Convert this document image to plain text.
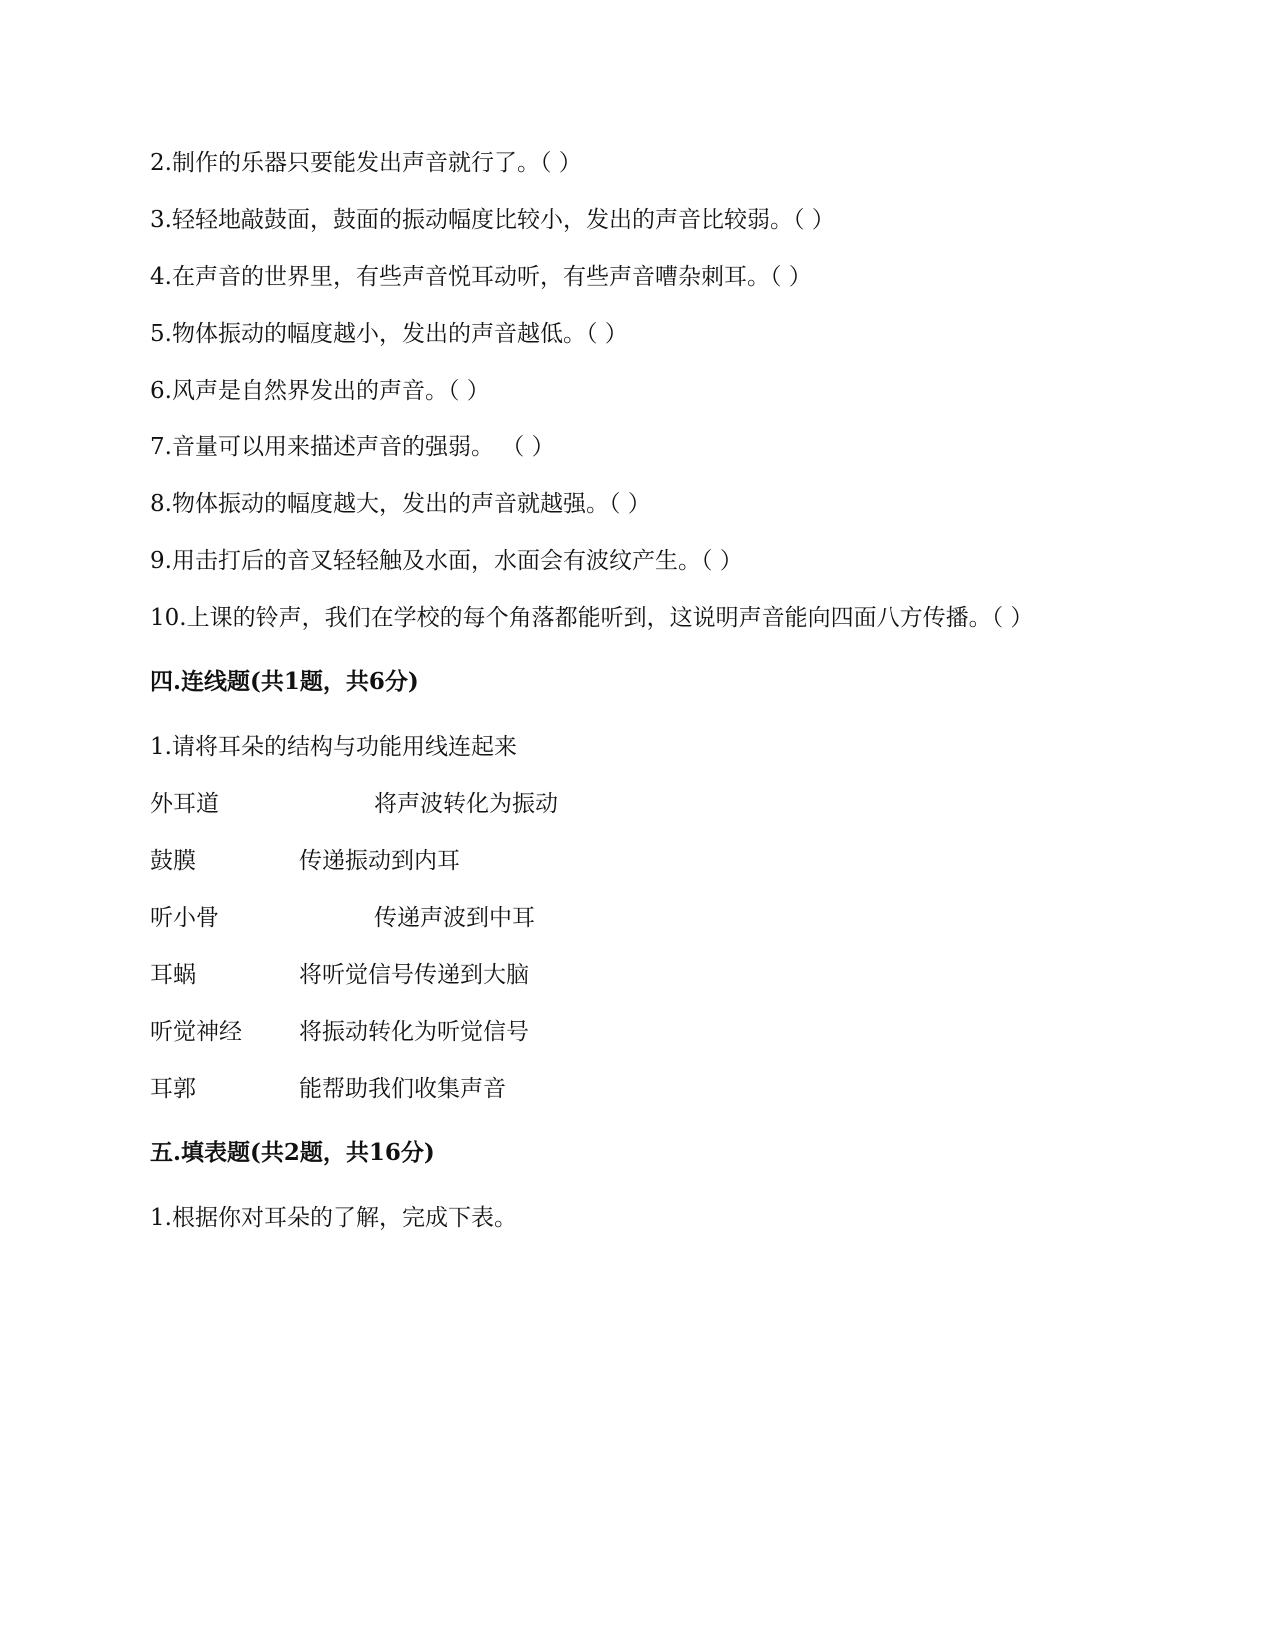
2.制作的乐器只要能发出声音就行了。（ ）
3.轻轻地敲鼓面，鼓面的振动幅度比较小，发出的声音比较弱。（ ）
4.在声音的世界里，有些声音悦耳动听，有些声音嘈杂刺耳。（ ）
5.物体振动的幅度越小，发出的声音越低。（ ）
6.风声是自然界发出的声音。（ ）
7.音量可以用来描述声音的强弱。 （ ）
8.物体振动的幅度越大，发出的声音就越强。（ ）
9.用击打后的音叉轻轻触及水面，水面会有波纹产生。（ ）
10.上课的铃声，我们在学校的每个角落都能听到，这说明声音能向四面八方传播。（ ）
四.连线题(共1题，共6分)
1.请将耳朵的结构与功能用线连起来
外耳道	将声波转化为振动
鼓膜	传递振动到内耳
听小骨	传递声波到中耳
耳蜗	将听觉信号传递到大脑
听觉神经 将振动转化为听觉信号
耳郭	能帮助我们收集声音
五.填表题(共2题，共16分)
1.根据你对耳朵的了解，完成下表。
